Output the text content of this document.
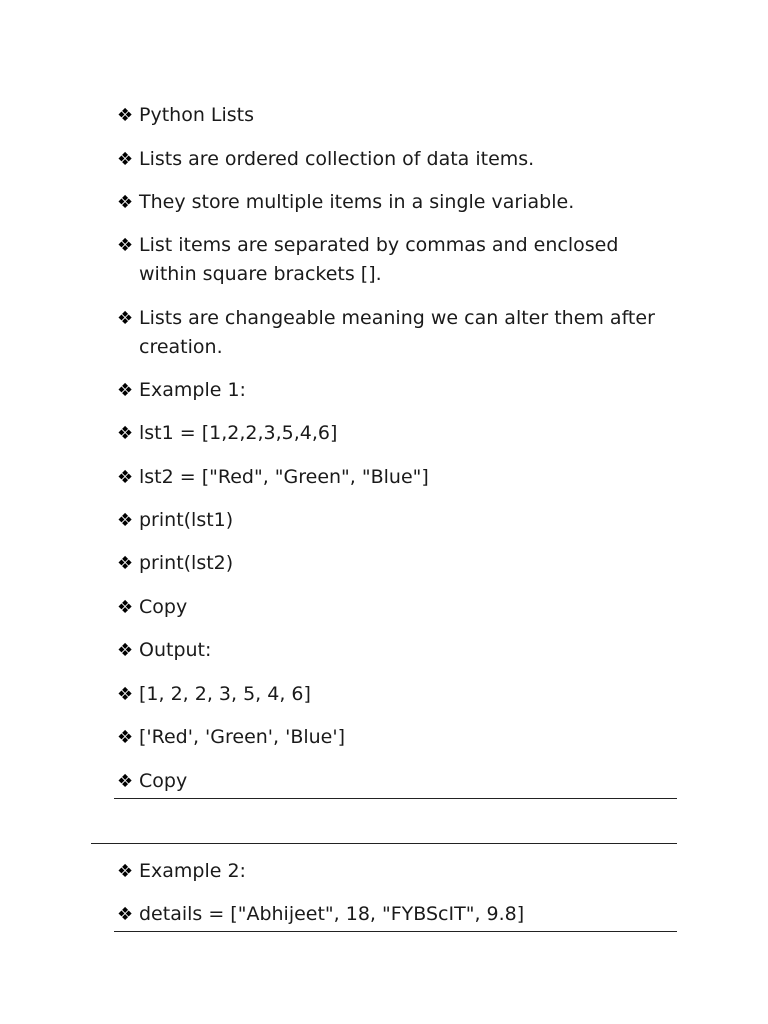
❖ Python Lists
❖ Lists are ordered collection of data items.
❖ They store multiple items in a single variable.
❖ List items are separated by commas and enclosed within square brackets [].
❖ Lists are changeable meaning we can alter them after creation.
❖ Example 1:
❖ lst1 = [1,2,2,3,5,4,6]
❖ lst2 = ["Red", "Green", "Blue"]
❖ print(lst1)
❖ print(lst2)
❖ Copy
❖ Output:
❖ [1, 2, 2, 3, 5, 4, 6]
❖ ['Red', 'Green', 'Blue']
❖ Copy
❖ Example 2:
❖ details = ["Abhijeet", 18, "FYBScIT", 9.8]
